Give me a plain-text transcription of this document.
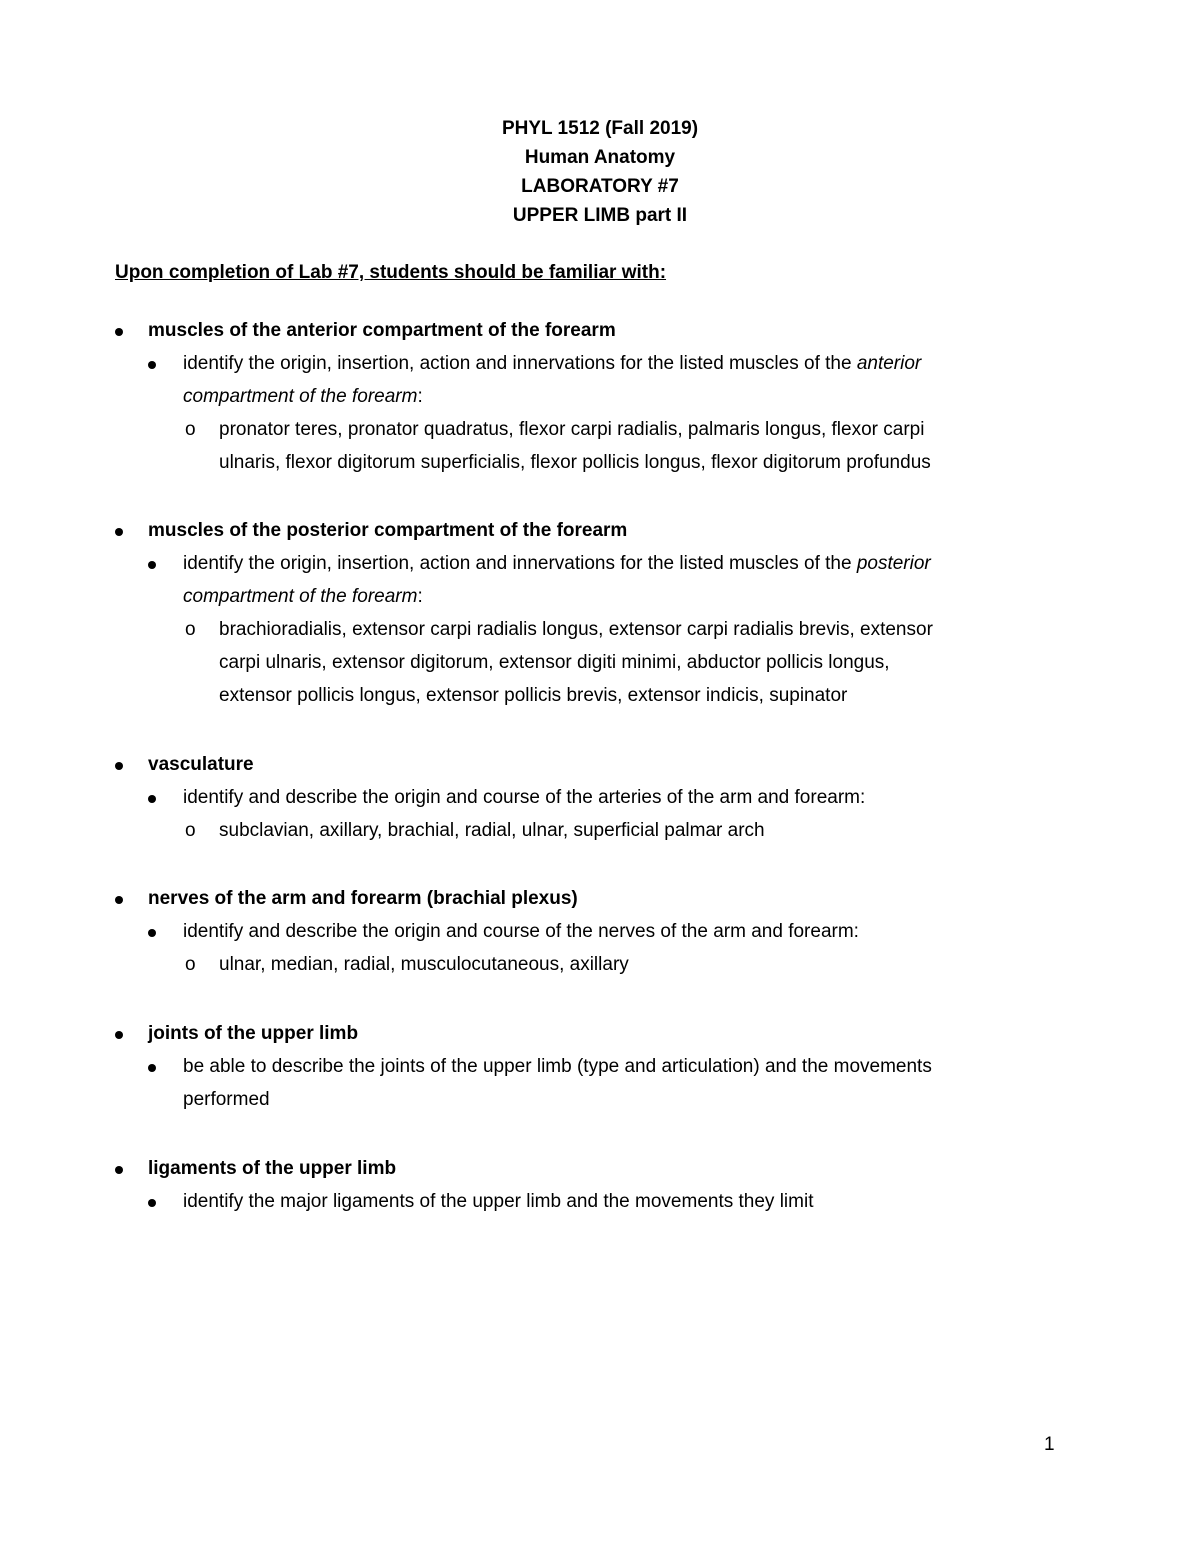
PHYL 1512 (Fall 2019)
Human Anatomy
LABORATORY #7
UPPER LIMB part II
Upon completion of Lab #7, students should be familiar with:
muscles of the anterior compartment of the forearm
identify the origin, insertion, action and innervations for the listed muscles of the anterior
compartment of the forearm:
o pronator teres, pronator quadratus, flexor carpi radialis, palmaris longus, flexor carpi
ulnaris, flexor digitorum superficialis, flexor pollicis longus, flexor digitorum profundus
muscles of the posterior compartment of the forearm
identify the origin, insertion, action and innervations for the listed muscles of the posterior
compartment of the forearm:
o brachioradialis, extensor carpi radialis longus, extensor carpi radialis brevis, extensor
carpi ulnaris, extensor digitorum, extensor digiti minimi, abductor pollicis longus,
extensor pollicis longus, extensor pollicis brevis, extensor indicis, supinator
vasculature
identify and describe the origin and course of the arteries of the arm and forearm:
o subclavian, axillary, brachial, radial, ulnar, superficial palmar arch
nerves of the arm and forearm (brachial plexus)
identify and describe the origin and course of the nerves of the arm and forearm:
o ulnar, median, radial, musculocutaneous, axillary
joints of the upper limb
be able to describe the joints of the upper limb (type and articulation) and the movements
performed
ligaments of the upper limb
identify the major ligaments of the upper limb and the movements they limit
1
